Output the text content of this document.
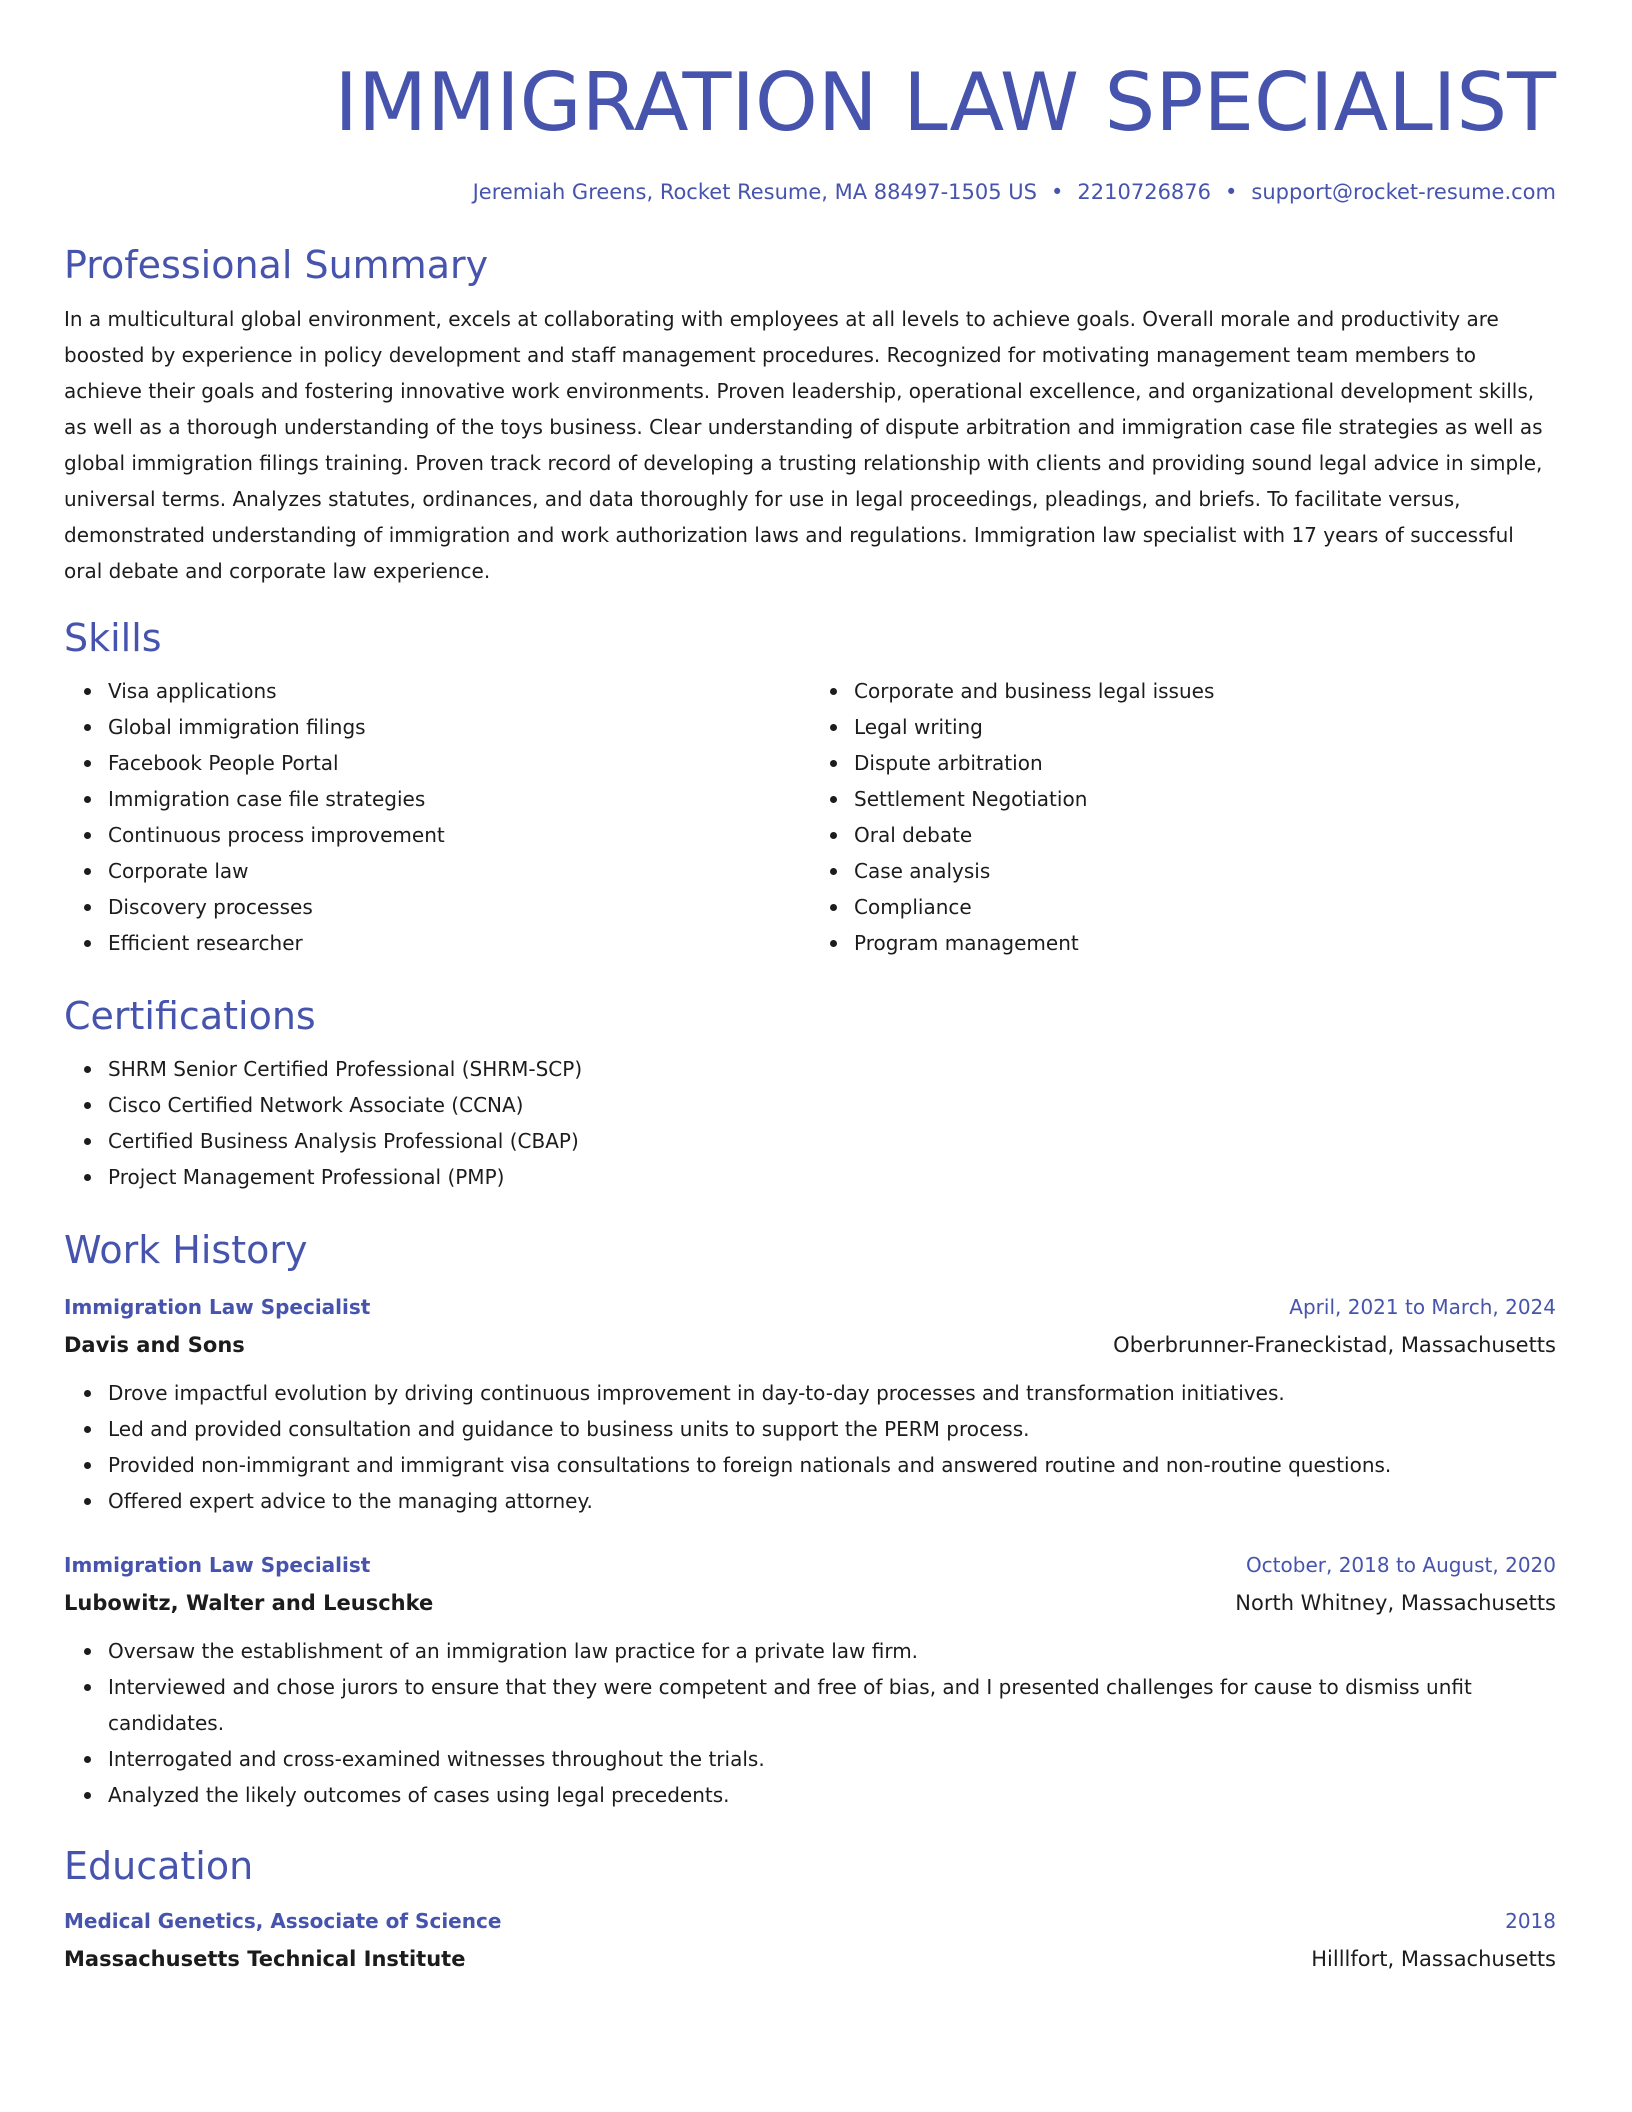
IMMIGRATION LAW SPECIALIST
Jeremiah Greens, Rocket Resume, MA 88497-1505 US • 2210726876 • support@rocket-resume.com
Professional Summary
In a multicultural global environment, excels at collaborating with employees at all levels to achieve goals. Overall morale and productivity are boosted by experience in policy development and staff management procedures. Recognized for motivating management team members to achieve their goals and fostering innovative work environments. Proven leadership, operational excellence, and organizational development skills, as well as a thorough understanding of the toys business. Clear understanding of dispute arbitration and immigration case file strategies as well as global immigration filings training. Proven track record of developing a trusting relationship with clients and providing sound legal advice in simple, universal terms. Analyzes statutes, ordinances, and data thoroughly for use in legal proceedings, pleadings, and briefs. To facilitate versus, demonstrated understanding of immigration and work authorization laws and regulations. Immigration law specialist with 17 years of successful oral debate and corporate law experience.
Skills
Visa applications
Global immigration filings
Facebook People Portal
Immigration case file strategies
Continuous process improvement
Corporate law
Discovery processes
Efficient researcher
Corporate and business legal issues
Legal writing
Dispute arbitration
Settlement Negotiation
Oral debate
Case analysis
Compliance
Program management
Certifications
SHRM Senior Certified Professional (SHRM-SCP)
Cisco Certified Network Associate (CCNA)
Certified Business Analysis Professional (CBAP)
Project Management Professional (PMP)
Work History
Immigration Law Specialist	April, 2021 to March, 2024
Davis and Sons	Oberbrunner-Franeckistad, Massachusetts
Drove impactful evolution by driving continuous improvement in day-to-day processes and transformation initiatives.
Led and provided consultation and guidance to business units to support the PERM process.
Provided non-immigrant and immigrant visa consultations to foreign nationals and answered routine and non-routine questions.
Offered expert advice to the managing attorney.
Immigration Law Specialist	October, 2018 to August, 2020
Lubowitz, Walter and Leuschke	North Whitney, Massachusetts
Oversaw the establishment of an immigration law practice for a private law firm.
Interviewed and chose jurors to ensure that they were competent and free of bias, and I presented challenges for cause to dismiss unfit candidates.
Interrogated and cross-examined witnesses throughout the trials.
Analyzed the likely outcomes of cases using legal precedents.
Education
Medical Genetics, Associate of Science	2018
Massachusetts Technical Institute	Hilllfort, Massachusetts
